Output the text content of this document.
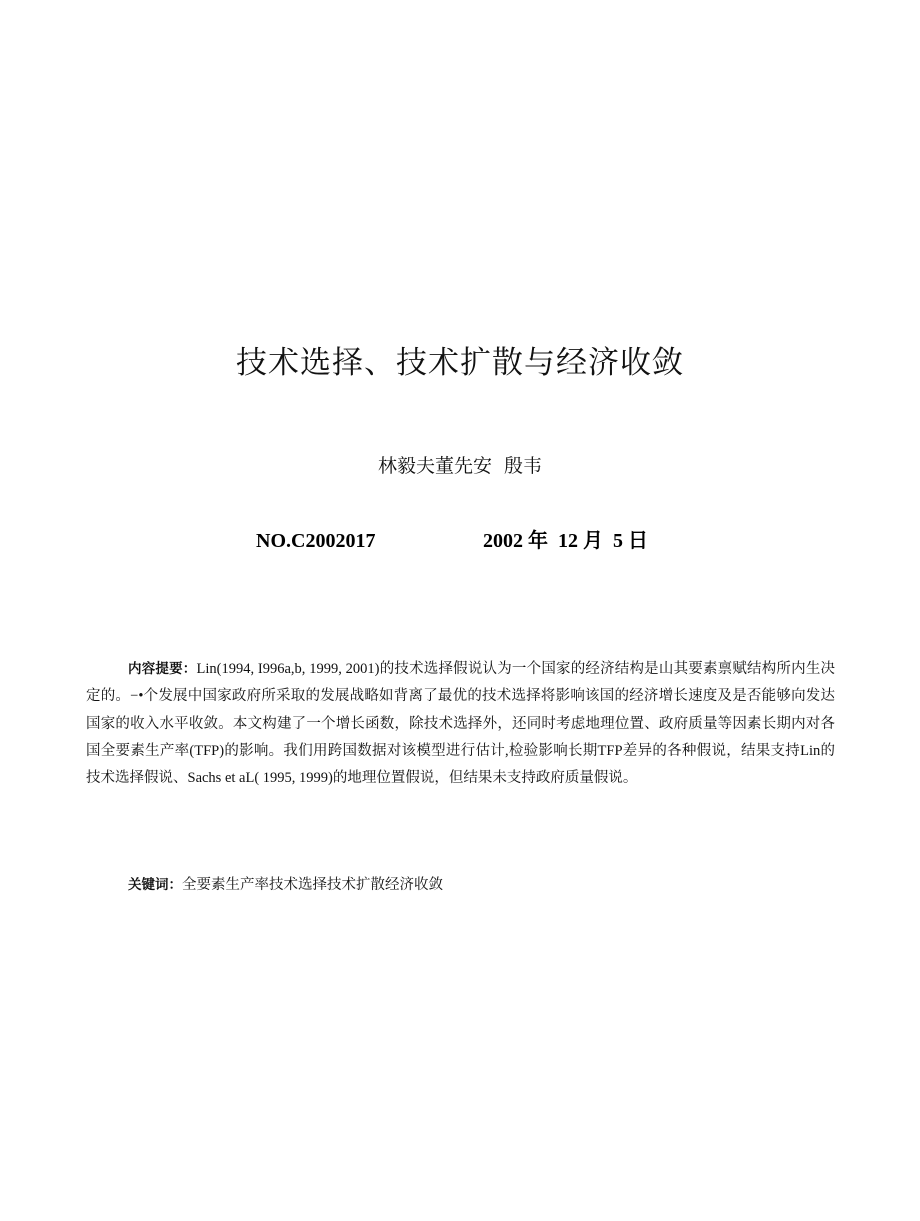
技术选择、技术扩散与经济收敛
林毅夫董先安  殷韦
NO.C2002017	2002 年  12 月  5 日
内容提要：Lin(1994, I996a,b, 1999, 2001)的技术选择假说认为一个国家的经济结构是山其要素禀赋结构所内生决定的。−•个发展中国家政府所采取的发展战略如背离了最优的技术选择将影响该国的经济增长速度及是否能够向发达国家的收入水平收敛。本文构建了一个增长函数，除技术选择外，还同时考虑地理位置、政府质量等因素长期内对各国全要素生产率(TFP)的影响。我们用跨国数据对该模型进行估计,检验影响长期TFP差异的各种假说，结果支持Lin的技术选择假说、Sachs et aL( 1995, 1999)的地理位置假说，但结果未支持政府质量假说。
关键词：全要素生产率技术选择技术扩散经济收敛
